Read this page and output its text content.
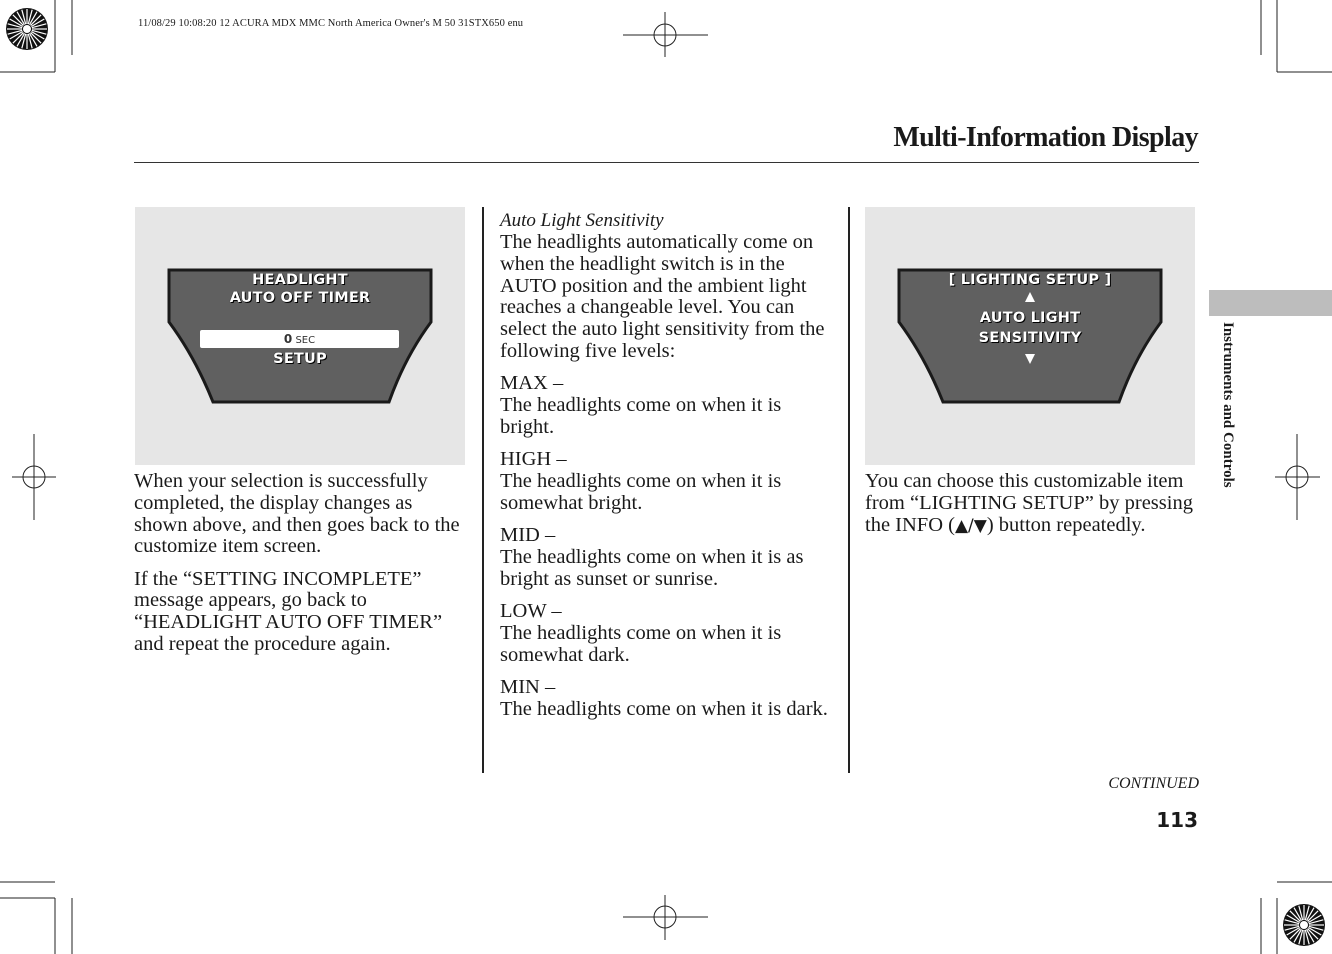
11/08/29 10:08:20 12 ACURA MDX MMC North America Owner's M 50 31STX650 enu
Multi-Information Display
HEADLIGHT
AUTO OFF TIMER
0 SEC
SETUP
[ LIGHTING SETUP ]
AUTO LIGHT
SENSITIVITY

When your selection is successfully completed, the display changes as shown above, and then goes back to the customize item screen.

If the “SETTING INCOMPLETE” message appears, go back to “HEADLIGHT AUTO OFF TIMER” and repeat the procedure again.

Auto Light Sensitivity

The headlights automatically come on when the headlight switch is in the AUTO position and the ambient light reaches a changeable level. You can select the auto light sensitivity from the following five levels:

MAX –
The headlights come on when it is bright.

HIGH –
The headlights come on when it is somewhat bright.

MID –
The headlights come on when it is as bright as sunset or sunrise.

LOW –
The headlights come on when it is somewhat dark.

MIN –
The headlights come on when it is dark.

You can choose this customizable item from “LIGHTING SETUP” by pressing the INFO (▲/▼) button repeatedly.

Instruments and Controls
CONTINUED
113
